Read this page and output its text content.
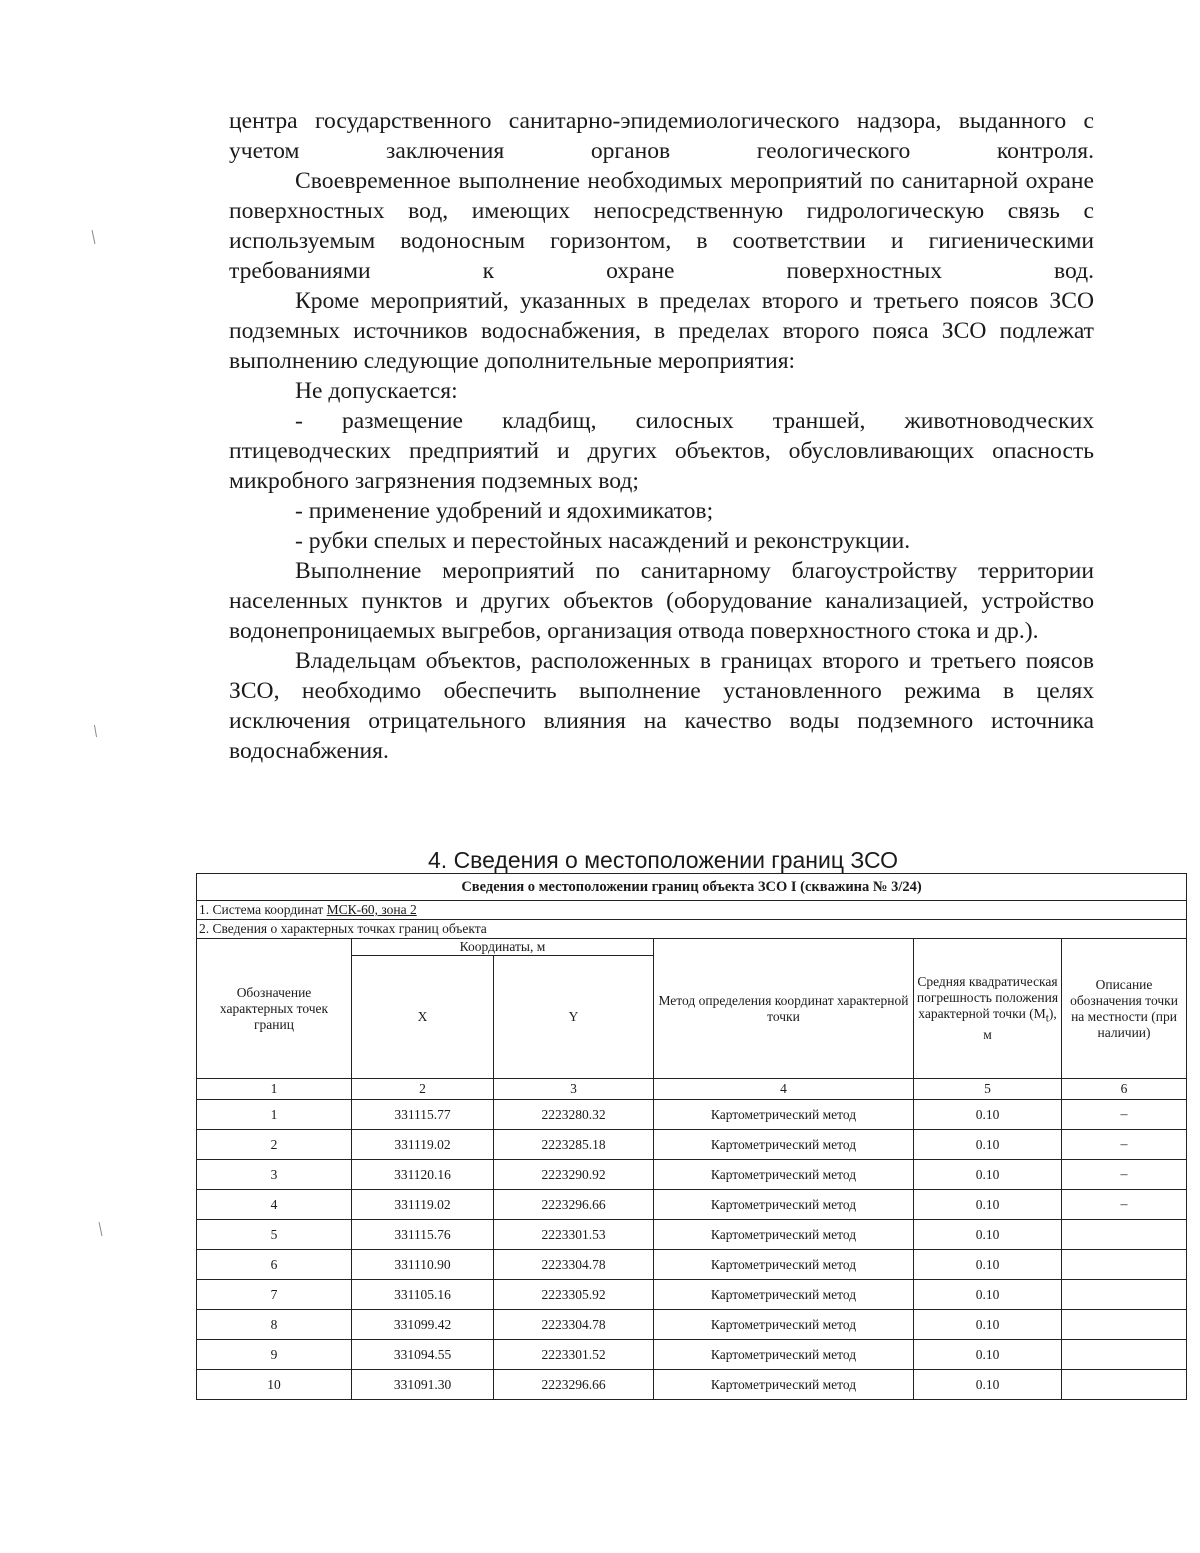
центра государственного санитарно-эпидемиологического надзора, выданного с учетом заключения органов геологического контроля.

Своевременное выполнение необходимых мероприятий по санитарной охране поверхностных вод, имеющих непосредственную гидрологическую связь с используемым водоносным горизонтом, в соответствии и гигиеническими требованиями к охране поверхностных вод.

Кроме мероприятий, указанных в пределах второго и третьего поясов ЗСО подземных источников водоснабжения, в пределах второго пояса ЗСО подлежат выполнению следующие дополнительные мероприятия:

Не допускается:

- размещение кладбищ, силосных траншей, животноводческих птицеводческих предприятий и других объектов, обусловливающих опасность микробного загрязнения подземных вод;

- применение удобрений и ядохимикатов;

- рубки спелых и перестойных насаждений и реконструкции.

Выполнение мероприятий по санитарному благоустройству территории населенных пунктов и других объектов (оборудование канализацией, устройство водонепроницаемых выгребов, организация отвода поверхностного стока и др.).

Владельцам объектов, расположенных в границах второго и третьего поясов ЗСО, необходимо обеспечить выполнение установленного режима в целях исключения отрицательного влияния на качество воды подземного источника водоснабжения.

4. Сведения о местоположении границ ЗСО
Сведения о местоположении границ объекта ЗСО I (скважина № 3/24)					
1. Система координат МСК-60, зона 2					
2. Сведения о характерных точках границ объекта					
Обозначение характерных точек границ	Координаты, м		Метод определения координат характерной точки	Средняя квадратическая погрешность положения характерной точки $(M_t)$, м	Описание обозначения точки на местности (при наличии)
	X	Y			
1	2	3	4	5	6
1	331115.77	2223280.32	Картометрический метод	0.10	–
2	331119.02	2223285.18	Картометрический метод	0.10	–
3	331120.16	2223290.92	Картометрический метод	0.10	–
4	331119.02	2223296.66	Картометрический метод	0.10	–
5	331115.76	2223301.53	Картометрический метод	0.10	
6	331110.90	2223304.78	Картометрический метод	0.10	
7	331105.16	2223305.92	Картометрический метод	0.10	
8	331099.42	2223304.78	Картометрический метод	0.10	
9	331094.55	2223301.52	Картометрический метод	0.10	
10	331091.30	2223296.66	Картометрический метод	0.10	
